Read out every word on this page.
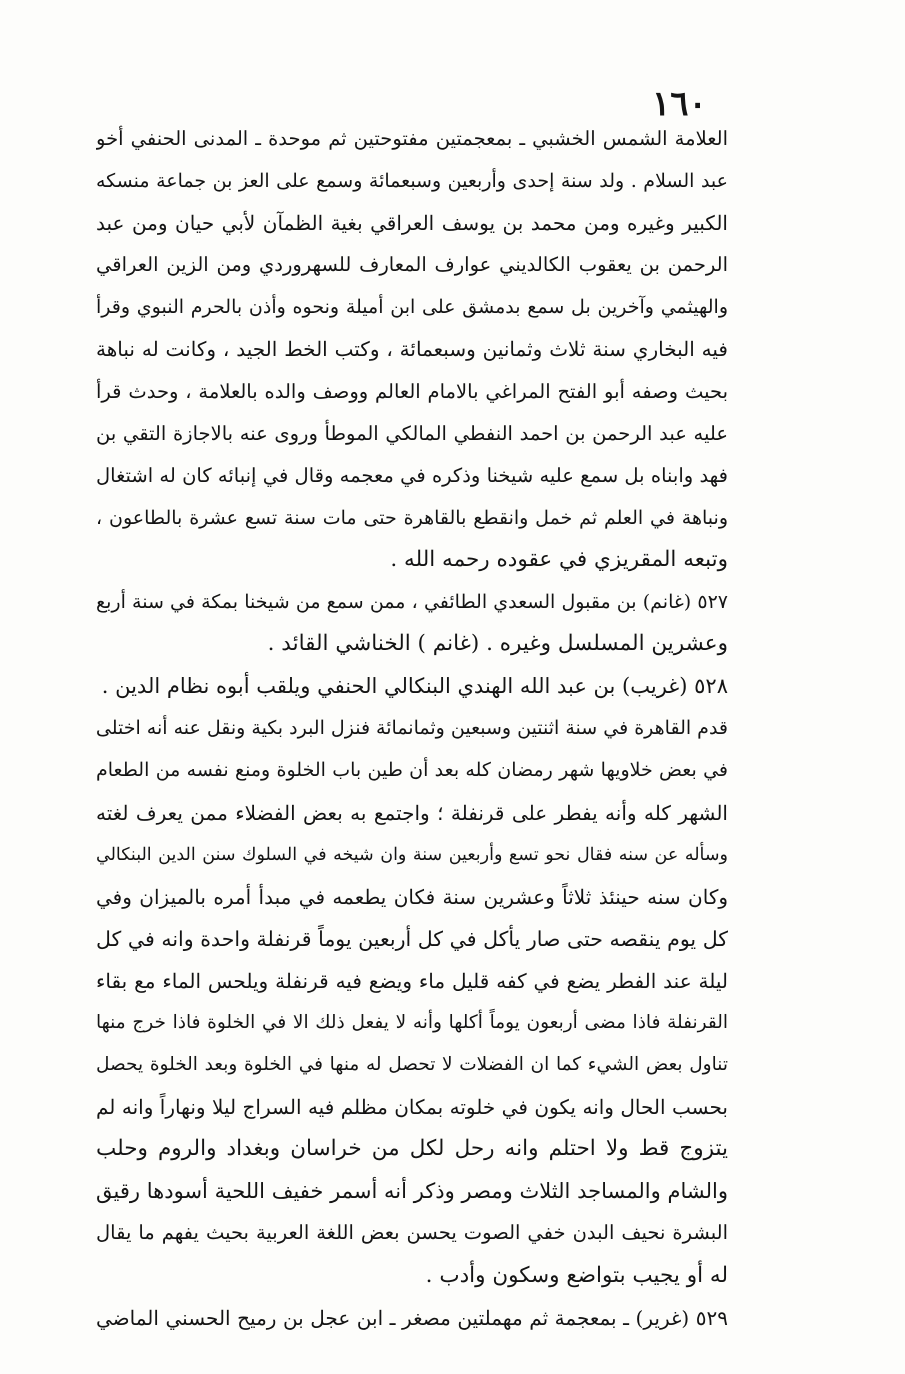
١٦٠
العلامة الشمس الخشبي ـ بمعجمتين مفتوحتين ثم موحدة ـ المدنى الحنفي أخو
عبد السلام . ولد سنة إحدى وأربعين وسبعمائة وسمع على العز بن جماعة منسكه
الكبير وغيره ومن محمد بن يوسف العراقي بغية الظمآن لأبي حيان ومن عبد
الرحمن بن يعقوب الكالديني عوارف المعارف للسهروردي ومن الزين العراقي
والهيثمي وآخرين بل سمع بدمشق على ابن أميلة ونحوه وأذن بالحرم النبوي وقرأ
فيه البخاري سنة ثلاث وثمانين وسبعمائة ، وكتب الخط الجيد ، وكانت له نباهة
بحيث وصفه أبو الفتح المراغي بالامام العالم ووصف والده بالعلامة ، وحدث قرأ
عليه عبد الرحمن بن احمد النفطي المالكي الموطأ وروى عنه بالاجازة التقي بن
فهد وابناه بل سمع عليه شيخنا وذكره في معجمه وقال في إنبائه كان له اشتغال
ونباهة في العلم ثم خمل وانقطع بالقاهرة حتى مات سنة تسع عشرة بالطاعون ،
وتبعه المقريزي في عقوده رحمه الله .
٥٢٧ (غانم) بن مقبول السعدي الطائفي ، ممن سمع من شيخنا بمكة في سنة أربع
وعشرين المسلسل وغيره . (غانم ) الخناشي القائد .
٥٢٨ (غريب) بن عبد الله الهندي البنكالي الحنفي ويلقب أبوه نظام الدين .
قدم القاهرة في سنة اثنتين وسبعين وثمانمائة فنزل البرد بكية ونقل عنه أنه اختلى
في بعض خلاويها شهر رمضان كله بعد أن طين باب الخلوة ومنع نفسه من الطعام
الشهر كله وأنه يفطر على قرنفلة ؛ واجتمع به بعض الفضلاء ممن يعرف لغته
وسأله عن سنه فقال نحو تسع وأربعين سنة وان شيخه في السلوك سنن الدين البنكالي
وكان سنه حينئذ ثلاثاً وعشرين سنة فكان يطعمه في مبدأ أمره بالميزان وفي
كل يوم ينقصه حتى صار يأكل في كل أربعين يوماً قرنفلة واحدة وانه في كل
ليلة عند الفطر يضع في كفه قليل ماء ويضع فيه قرنفلة ويلحس الماء مع بقاء
القرنفلة فاذا مضى أربعون يوماً أكلها وأنه لا يفعل ذلك الا في الخلوة فاذا خرج منها
تناول بعض الشيء كما ان الفضلات لا تحصل له منها في الخلوة وبعد الخلوة يحصل
بحسب الحال وانه يكون في خلوته بمكان مظلم فيه السراج ليلا ونهاراً وانه لم
يتزوج قط ولا احتلم وانه رحل لكل من خراسان وبغداد والروم وحلب
والشام والمساجد الثلاث ومصر وذكر أنه أسمر خفيف اللحية أسودها رقيق
البشرة نحيف البدن خفي الصوت يحسن بعض اللغة العربية بحيث يفهم ما يقال
له أو يجيب بتواضع وسكون وأدب .
٥٢٩ (غرير) ـ بمعجمة ثم مهملتين مصغر ـ ابن عجل بن رميح الحسني الماضي
